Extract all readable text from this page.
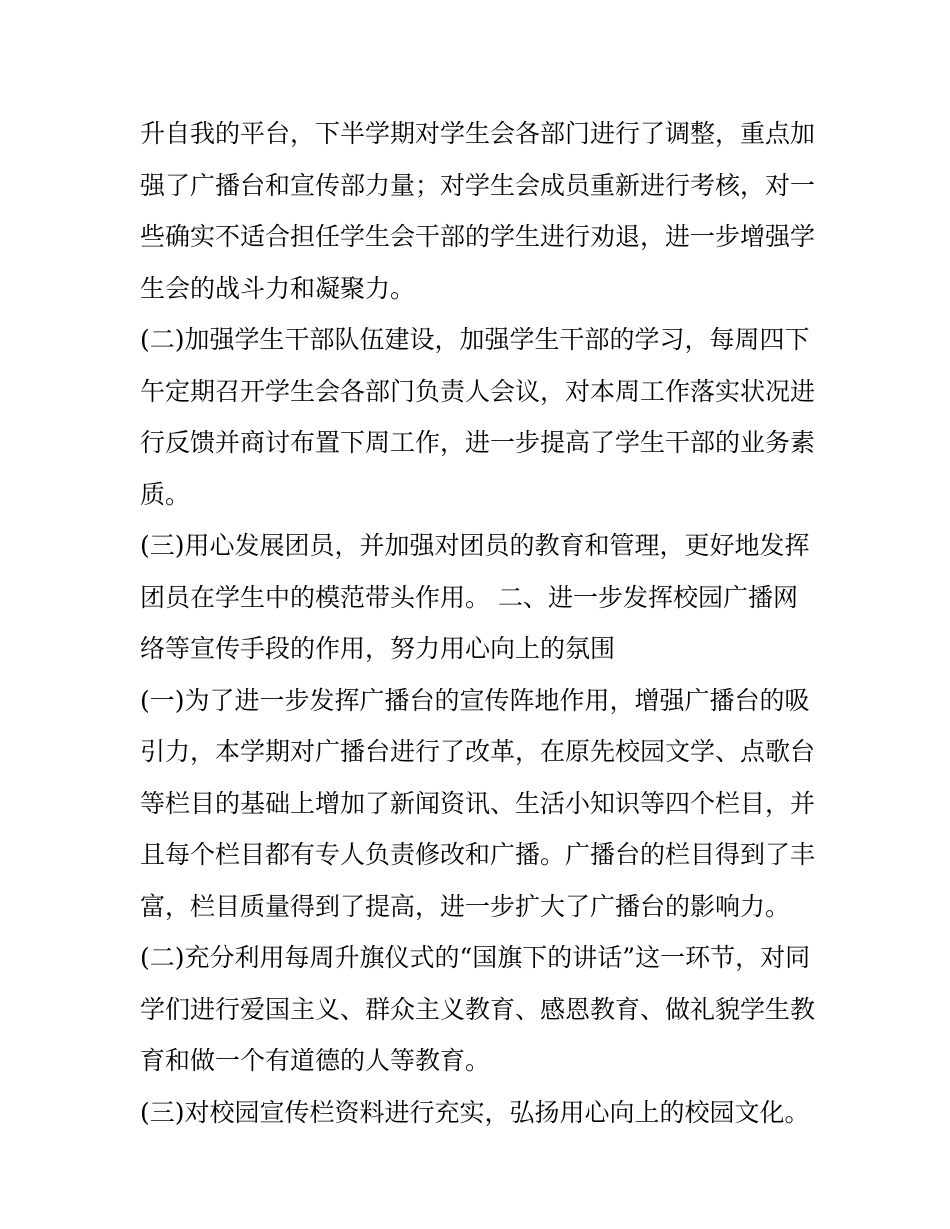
升自我的平台，下半学期对学生会各部门进行了调整，重点加
强了广播台和宣传部力量；对学生会成员重新进行考核，对一
些确实不适合担任学生会干部的学生进行劝退，进一步增强学
生会的战斗力和凝聚力。
(二)加强学生干部队伍建设，加强学生干部的学习，每周四下
午定期召开学生会各部门负责人会议，对本周工作落实状况进
行反馈并商讨布置下周工作，进一步提高了学生干部的业务素
质。
(三)用心发展团员，并加强对团员的教育和管理，更好地发挥
团员在学生中的模范带头作用。 二、进一步发挥校园广播网
络等宣传手段的作用，努力用心向上的氛围
(一)为了进一步发挥广播台的宣传阵地作用，增强广播台的吸
引力，本学期对广播台进行了改革，在原先校园文学、点歌台
等栏目的基础上增加了新闻资讯、生活小知识等四个栏目，并
且每个栏目都有专人负责修改和广播。广播台的栏目得到了丰
富，栏目质量得到了提高，进一步扩大了广播台的影响力。
(二)充分利用每周升旗仪式的“国旗下的讲话”这一环节，对同
学们进行爱国主义、群众主义教育、感恩教育、做礼貌学生教
育和做一个有道德的人等教育。
(三)对校园宣传栏资料进行充实，弘扬用心向上的校园文化。
